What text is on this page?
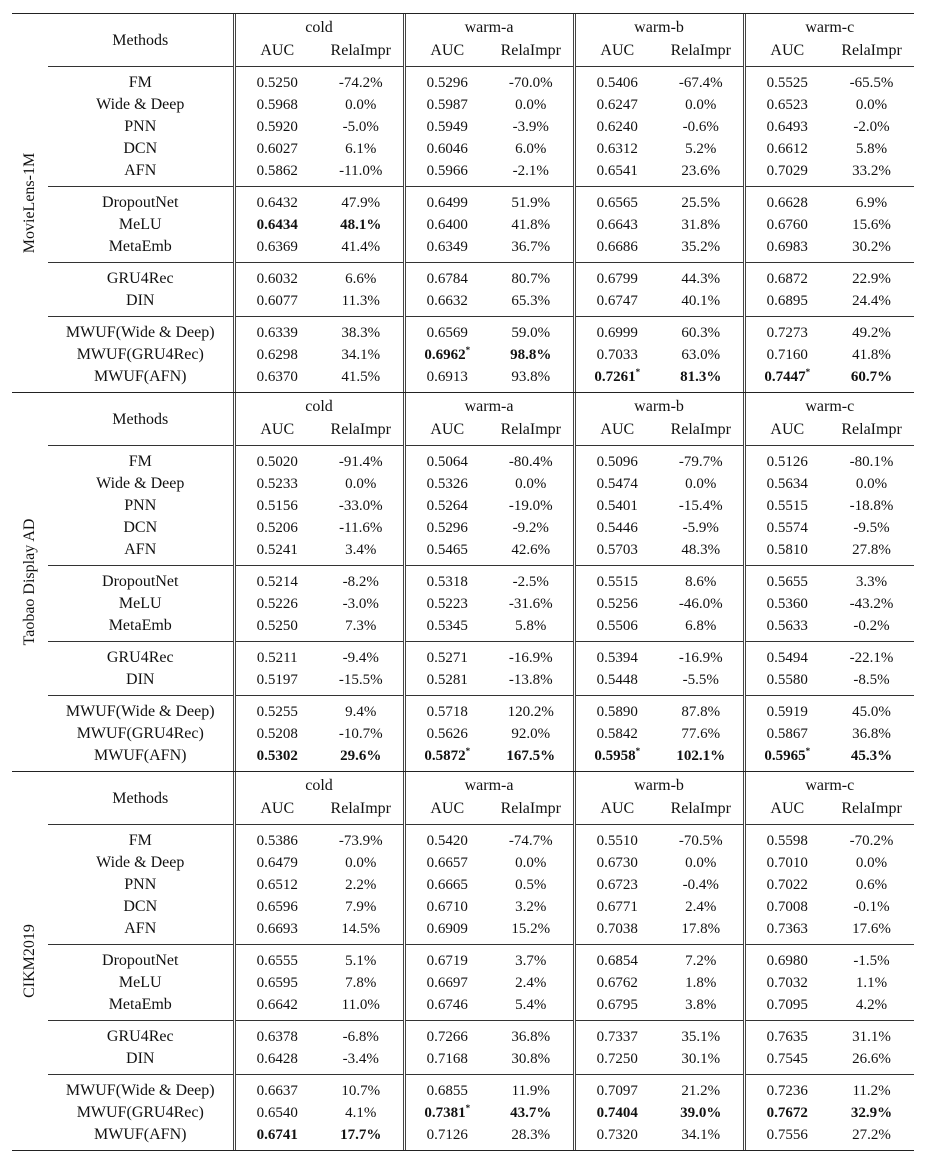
MovieLens-1M
Methods	cold		warm-a		warm-b		warm-c	
	AUC	RelaImpr	AUC	RelaImpr	AUC	RelaImpr	AUC	RelaImpr
FM	0.5250	-74.2%	0.5296	-70.0%	0.5406	-67.4%	0.5525	-65.5%
Wide & Deep	0.5968	0.0%	0.5987	0.0%	0.6247	0.0%	0.6523	0.0%
PNN	0.5920	-5.0%	0.5949	-3.9%	0.6240	-0.6%	0.6493	-2.0%
DCN	0.6027	6.1%	0.6046	6.0%	0.6312	5.2%	0.6612	5.8%
AFN	0.5862	-11.0%	0.5966	-2.1%	0.6541	23.6%	0.7029	33.2%
DropoutNet	0.6432	47.9%	0.6499	51.9%	0.6565	25.5%	0.6628	6.9%
MeLU	0.6434	48.1%	0.6400	41.8%	0.6643	31.8%	0.6760	15.6%
MetaEmb	0.6369	41.4%	0.6349	36.7%	0.6686	35.2%	0.6983	30.2%
GRU4Rec	0.6032	6.6%	0.6784	80.7%	0.6799	44.3%	0.6872	22.9%
DIN	0.6077	11.3%	0.6632	65.3%	0.6747	40.1%	0.6895	24.4%
MWUF(Wide & Deep)	0.6339	38.3%	0.6569	59.0%	0.6999	60.3%	0.7273	49.2%
MWUF(GRU4Rec)	0.6298	34.1%	0.6962*	98.8%	0.7033	63.0%	0.7160	41.8%
MWUF(AFN)	0.6370	41.5%	0.6913	93.8%	0.7261*	81.3%	0.7447*	60.7%
Taobao Display AD
Methods	cold		warm-a		warm-b		warm-c	
	AUC	RelaImpr	AUC	RelaImpr	AUC	RelaImpr	AUC	RelaImpr
FM	0.5020	-91.4%	0.5064	-80.4%	0.5096	-79.7%	0.5126	-80.1%
Wide & Deep	0.5233	0.0%	0.5326	0.0%	0.5474	0.0%	0.5634	0.0%
PNN	0.5156	-33.0%	0.5264	-19.0%	0.5401	-15.4%	0.5515	-18.8%
DCN	0.5206	-11.6%	0.5296	-9.2%	0.5446	-5.9%	0.5574	-9.5%
AFN	0.5241	3.4%	0.5465	42.6%	0.5703	48.3%	0.5810	27.8%
DropoutNet	0.5214	-8.2%	0.5318	-2.5%	0.5515	8.6%	0.5655	3.3%
MeLU	0.5226	-3.0%	0.5223	-31.6%	0.5256	-46.0%	0.5360	-43.2%
MetaEmb	0.5250	7.3%	0.5345	5.8%	0.5506	6.8%	0.5633	-0.2%
GRU4Rec	0.5211	-9.4%	0.5271	-16.9%	0.5394	-16.9%	0.5494	-22.1%
DIN	0.5197	-15.5%	0.5281	-13.8%	0.5448	-5.5%	0.5580	-8.5%
MWUF(Wide & Deep)	0.5255	9.4%	0.5718	120.2%	0.5890	87.8%	0.5919	45.0%
MWUF(GRU4Rec)	0.5208	-10.7%	0.5626	92.0%	0.5842	77.6%	0.5867	36.8%
MWUF(AFN)	0.5302	29.6%	0.5872*	167.5%	0.5958*	102.1%	0.5965*	45.3%
CIKM2019
Methods	cold		warm-a		warm-b		warm-c	
	AUC	RelaImpr	AUC	RelaImpr	AUC	RelaImpr	AUC	RelaImpr
FM	0.5386	-73.9%	0.5420	-74.7%	0.5510	-70.5%	0.5598	-70.2%
Wide & Deep	0.6479	0.0%	0.6657	0.0%	0.6730	0.0%	0.7010	0.0%
PNN	0.6512	2.2%	0.6665	0.5%	0.6723	-0.4%	0.7022	0.6%
DCN	0.6596	7.9%	0.6710	3.2%	0.6771	2.4%	0.7008	-0.1%
AFN	0.6693	14.5%	0.6909	15.2%	0.7038	17.8%	0.7363	17.6%
DropoutNet	0.6555	5.1%	0.6719	3.7%	0.6854	7.2%	0.6980	-1.5%
MeLU	0.6595	7.8%	0.6697	2.4%	0.6762	1.8%	0.7032	1.1%
MetaEmb	0.6642	11.0%	0.6746	5.4%	0.6795	3.8%	0.7095	4.2%
GRU4Rec	0.6378	-6.8%	0.7266	36.8%	0.7337	35.1%	0.7635	31.1%
DIN	0.6428	-3.4%	0.7168	30.8%	0.7250	30.1%	0.7545	26.6%
MWUF(Wide & Deep)	0.6637	10.7%	0.6855	11.9%	0.7097	21.2%	0.7236	11.2%
MWUF(GRU4Rec)	0.6540	4.1%	0.7381*	43.7%	0.7404	39.0%	0.7672	32.9%
MWUF(AFN)	0.6741	17.7%	0.7126	28.3%	0.7320	34.1%	0.7556	27.2%
